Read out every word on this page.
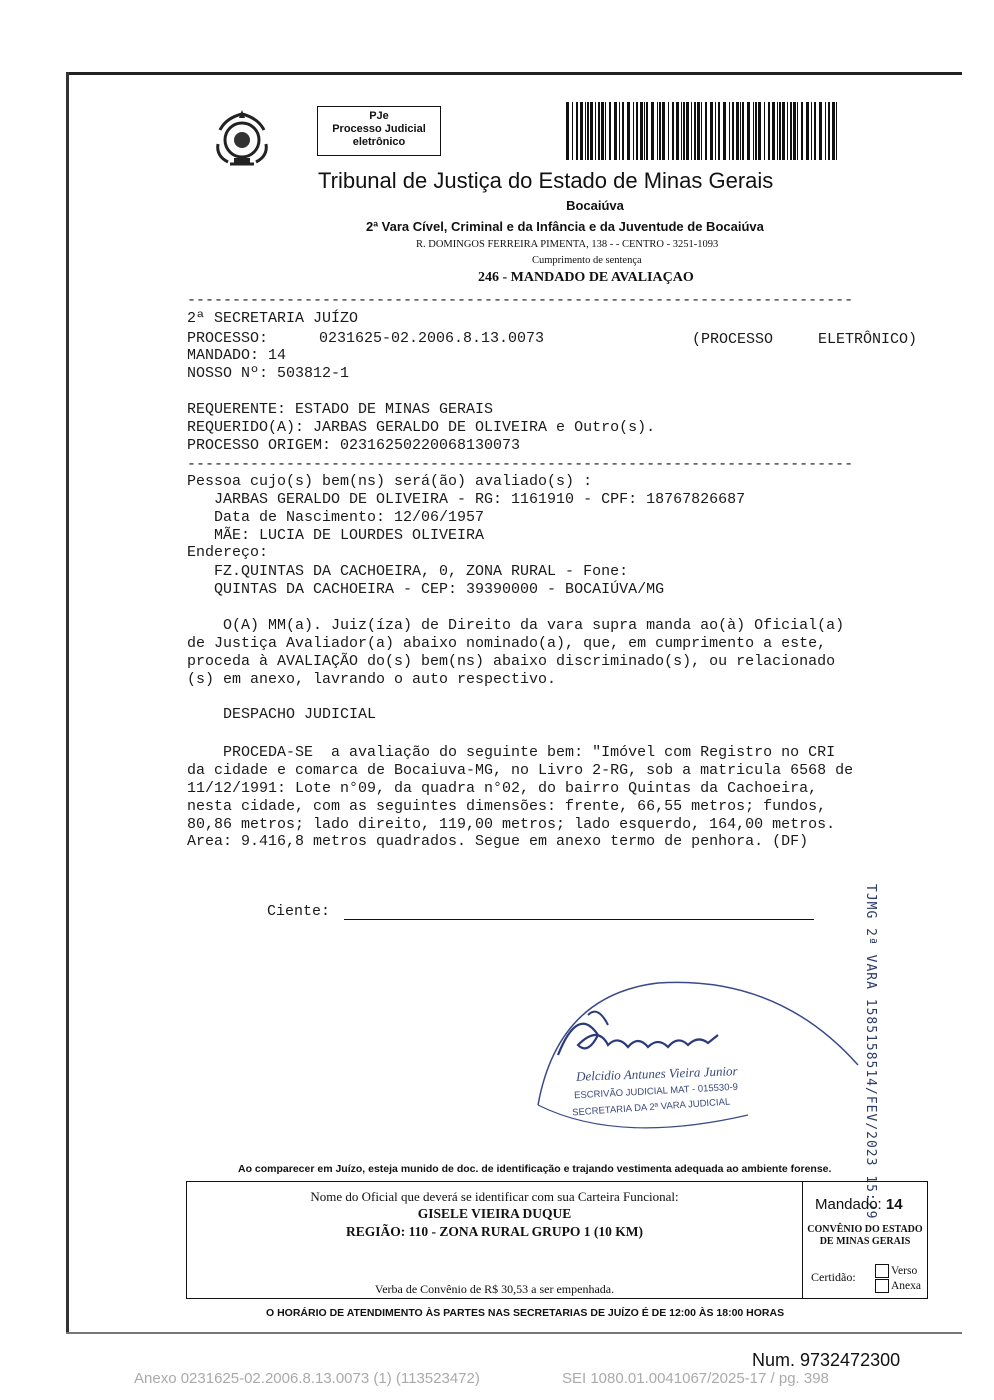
PJe
Processo Judicial
eletrônico
Tribunal de Justiça do Estado de Minas Gerais
Bocaiúva
2ª Vara Cível, Criminal e da Infância e da Juventude de Bocaiúva
R. DOMINGOS FERREIRA PIMENTA, 138 - - CENTRO - 3251-1093
Cumprimento de sentença
246 - MANDADO DE AVALIAÇAO
--------------------------------------------------------------------------
2ª SECRETARIA JUÍZO
PROCESSO:	0231625-02.2006.8.13.0073	(PROCESSO     ELETRÔNICO)
MANDADO: 14
NOSSO Nº: 503812-1
REQUERENTE: ESTADO DE MINAS GERAIS
REQUERIDO(A): JARBAS GERALDO DE OLIVEIRA e Outro(s).
PROCESSO ORIGEM: 02316250220068130073
--------------------------------------------------------------------------
Pessoa cujo(s) bem(ns) será(ão) avaliado(s) :
JARBAS GERALDO DE OLIVEIRA - RG: 1161910 - CPF: 18767826687
Data de Nascimento: 12/06/1957
MÃE: LUCIA DE LOURDES OLIVEIRA
Endereço:
FZ.QUINTAS DA CACHOEIRA, 0, ZONA RURAL - Fone:
QUINTAS DA CACHOEIRA - CEP: 39390000 - BOCAIÚVA/MG
O(A) MM(a). Juiz(íza) de Direito da vara supra manda ao(à) Oficial(a)
de Justiça Avaliador(a) abaixo nominado(a), que, em cumprimento a este,
proceda à AVALIAÇÃO do(s) bem(ns) abaixo discriminado(s), ou relacionado
(s) em anexo, lavrando o auto respectivo.
DESPACHO JUDICIAL
PROCEDA-SE  a avaliação do seguinte bem: "Imóvel com Registro no CRI
da cidade e comarca de Bocaiuva-MG, no Livro 2-RG, sob a matricula 6568 de
11/12/1991: Lote n°09, da quadra n°02, do bairro Quintas da Cachoeira,
nesta cidade, com as seguintes dimensões: frente, 66,55 metros; fundos,
80,86 metros; lado direito, 119,00 metros; lado esquerdo, 164,00 metros.
Area: 9.416,8 metros quadrados. Segue em anexo termo de penhora. (DF)
Ciente:	TJMG 2ª VARA 1585158514/FEV/2023 15:29
Delcidio Antunes Vieira Junior
ESCRIVÃO JUDICIAL MAT - 015530-9
SECRETARIA DA 2ª VARA JUDICIAL
Ao comparecer em Juízo, esteja munido de doc. de identificação e trajando vestimenta adequada ao ambiente forense.
Nome do Oficial que deverá se identificar com sua Carteira Funcional:
GISELE VIEIRA DUQUE
REGIÃO: 110 - ZONA RURAL GRUPO 1 (10 KM)
Verba de Convênio de R$ 30,53 a ser empenhada.
Mandado: 14
CONVÊNIO DO ESTADO
DE MINAS GERAIS
Certidão:	Verso
Anexa
O HORÁRIO DE ATENDIMENTO ÀS PARTES NAS SECRETARIAS DE JUÍZO É DE 12:00 ÀS 18:00 HORAS
Num. 9732472300
Anexo 0231625-02.2006.8.13.0073 (1) (113523472)	SEI 1080.01.0041067/2025-17 / pg. 398
